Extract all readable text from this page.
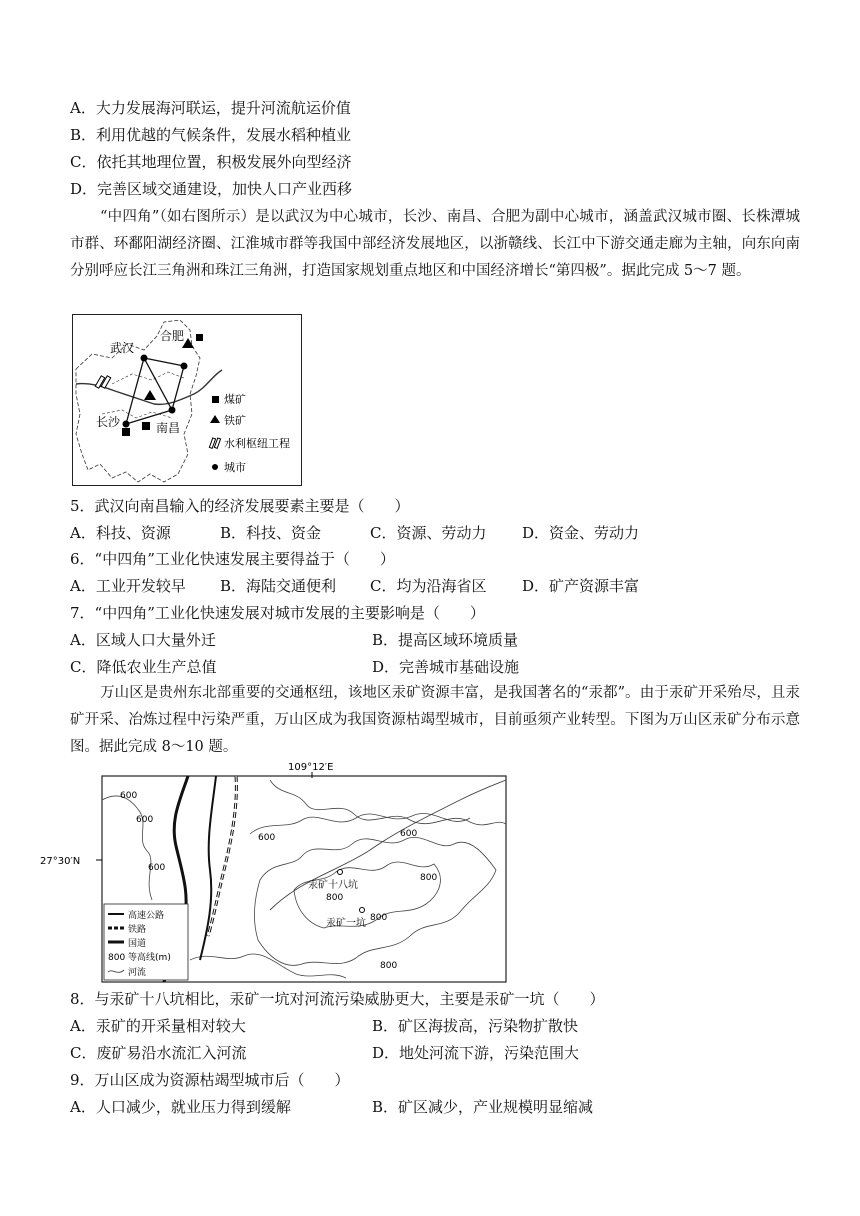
A．大力发展海河联运，提升河流航运价值
B．利用优越的气候条件，发展水稻种植业
C．依托其地理位置，积极发展外向型经济
D．完善区域交通建设，加快人口产业西移
“中四角”（如右图所示）是以武汉为中心城市，长沙、南昌、合肥为副中心城市，涵盖武汉城市圈、长株潭城市群、环鄱阳湖经济圈、江淮城市群等我国中部经济发展地区，以浙赣线、长江中下游交通走廊为主轴，向东向南分别呼应长江三角洲和珠江三角洲，打造国家规划重点地区和中国经济增长“第四极”。据此完成 5～7 题。
合肥
武汉
长沙	南昌
煤矿
铁矿
水利枢纽工程
城市
5．武汉向南昌输入的经济发展要素主要是（　　）
A．科技、资源	B．科技、资金	C．资源、劳动力 D．资金、劳动力
6．“中四角”工业化快速发展主要得益于（　　）
A．工业开发较早 B．海陆交通便利 C．均为沿海省区 D．矿产资源丰富
7．“中四角”工业化快速发展对城市发展的主要影响是（　　）
A．区域人口大量外迁	B．提高区域环境质量
C．降低农业生产总值	D．完善城市基础设施
万山区是贵州东北部重要的交通枢纽，该地区汞矿资源丰富，是我国著名的“汞都”。由于汞矿开采殆尽，且汞矿开采、冶炼过程中污染严重，万山区成为我国资源枯竭型城市，目前亟须产业转型。下图为万山区汞矿分布示意图。据此完成 8～10 题。
109°12′E
27°30′N
汞矿十八坑
汞矿一坑
600
600
600
600	600
800
800
800
800
高速公路
铁路
国道
800 等高线(m)
河流
8．与汞矿十八坑相比，汞矿一坑对河流污染威胁更大，主要是汞矿一坑（　　）
A．汞矿的开采量相对较大	B．矿区海拔高，污染物扩散快
C．废矿易沿水流汇入河流	D．地处河流下游，污染范围大
9．万山区成为资源枯竭型城市后（　　）
A．人口减少，就业压力得到缓解	B．矿区减少，产业规模明显缩减
